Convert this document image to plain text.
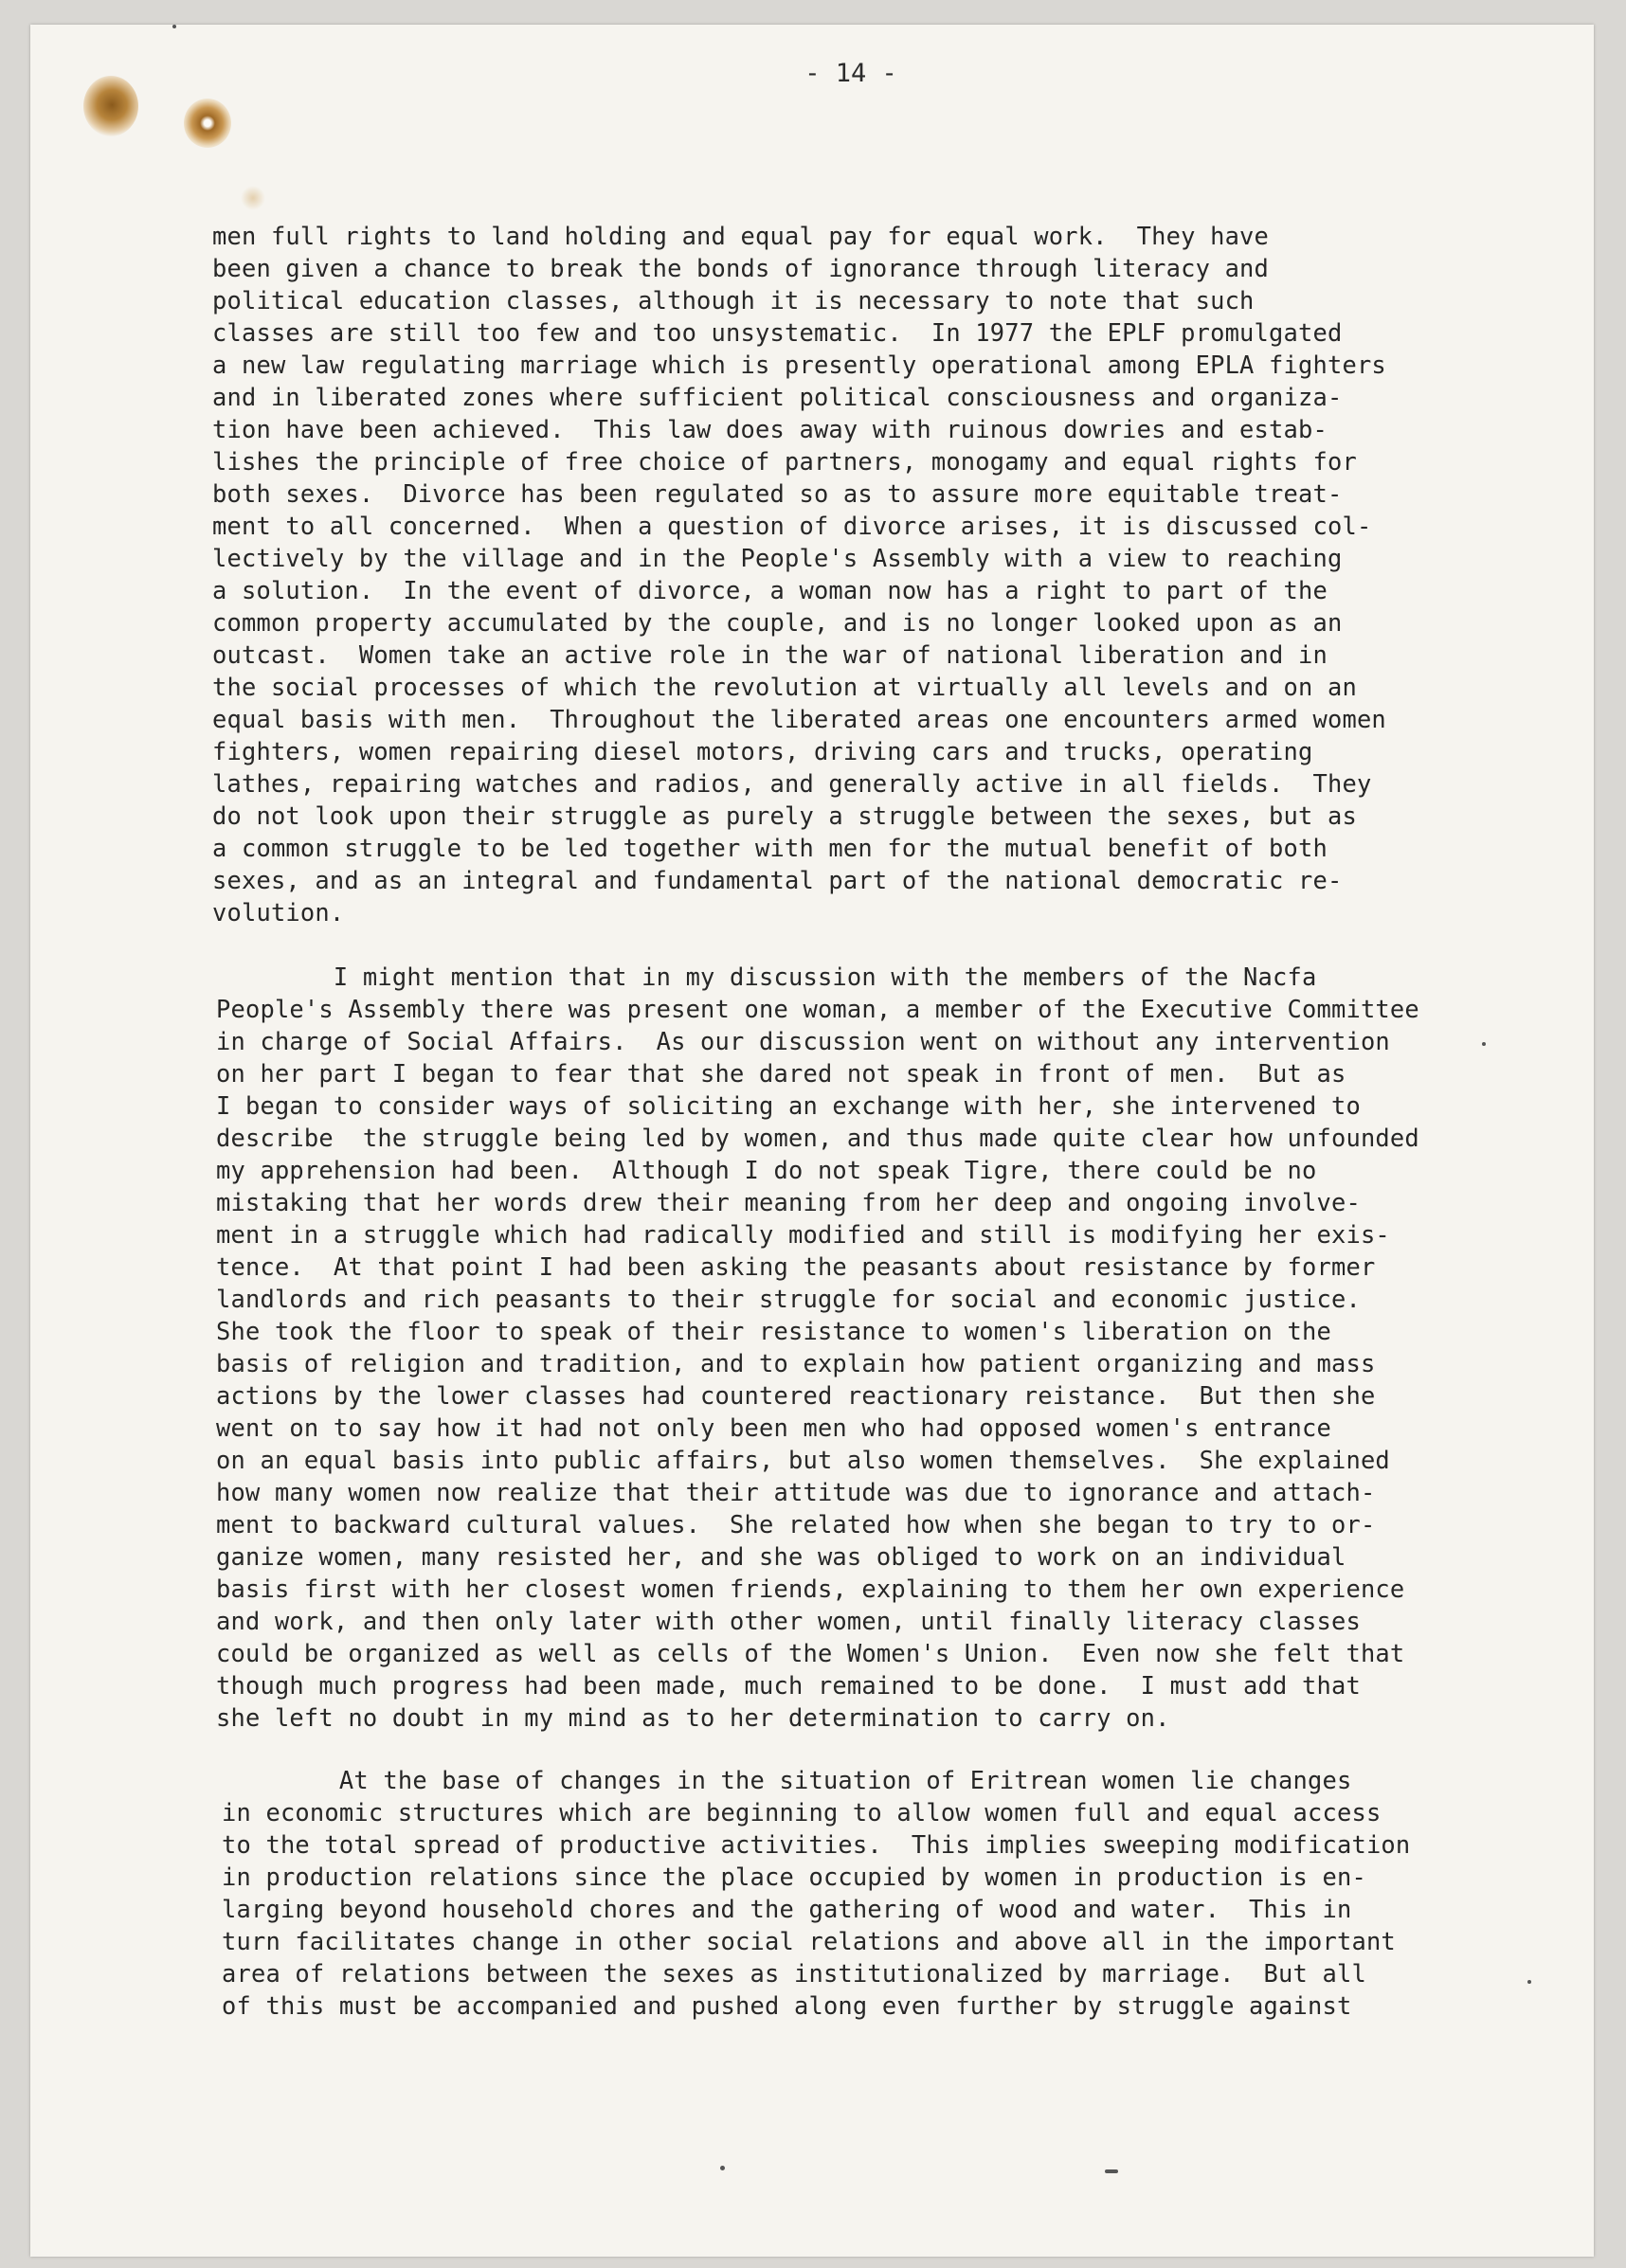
- 14 -
men full rights to land holding and equal pay for equal work.  They have
been given a chance to break the bonds of ignorance through literacy and
political education classes, although it is necessary to note that such
classes are still too few and too unsystematic.  In 1977 the EPLF promulgated
a new law regulating marriage which is presently operational among EPLA fighters
and in liberated zones where sufficient political consciousness and organiza-
tion have been achieved.  This law does away with ruinous dowries and estab-
lishes the principle of free choice of partners, monogamy and equal rights for
both sexes.  Divorce has been regulated so as to assure more equitable treat-
ment to all concerned.  When a question of divorce arises, it is discussed col-
lectively by the village and in the People's Assembly with a view to reaching
a solution.  In the event of divorce, a woman now has a right to part of the
common property accumulated by the couple, and is no longer looked upon as an
outcast.  Women take an active role in the war of national liberation and in
the social processes of which the revolution at virtually all levels and on an
equal basis with men.  Throughout the liberated areas one encounters armed women
fighters, women repairing diesel motors, driving cars and trucks, operating
lathes, repairing watches and radios, and generally active in all fields.  They
do not look upon their struggle as purely a struggle between the sexes, but as
a common struggle to be led together with men for the mutual benefit of both
sexes, and as an integral and fundamental part of the national democratic re-
volution.
I might mention that in my discussion with the members of the Nacfa
People's Assembly there was present one woman, a member of the Executive Committee
in charge of Social Affairs.  As our discussion went on without any intervention
on her part I began to fear that she dared not speak in front of men.  But as
I began to consider ways of soliciting an exchange with her, she intervened to
describe  the struggle being led by women, and thus made quite clear how unfounded
my apprehension had been.  Although I do not speak Tigre, there could be no
mistaking that her words drew their meaning from her deep and ongoing involve-
ment in a struggle which had radically modified and still is modifying her exis-
tence.  At that point I had been asking the peasants about resistance by former
landlords and rich peasants to their struggle for social and economic justice.
She took the floor to speak of their resistance to women's liberation on the
basis of religion and tradition, and to explain how patient organizing and mass
actions by the lower classes had countered reactionary reistance.  But then she
went on to say how it had not only been men who had opposed women's entrance
on an equal basis into public affairs, but also women themselves.  She explained
how many women now realize that their attitude was due to ignorance and attach-
ment to backward cultural values.  She related how when she began to try to or-
ganize women, many resisted her, and she was obliged to work on an individual
basis first with her closest women friends, explaining to them her own experience
and work, and then only later with other women, until finally literacy classes
could be organized as well as cells of the Women's Union.  Even now she felt that
though much progress had been made, much remained to be done.  I must add that
she left no doubt in my mind as to her determination to carry on.
At the base of changes in the situation of Eritrean women lie changes
in economic structures which are beginning to allow women full and equal access
to the total spread of productive activities.  This implies sweeping modification
in production relations since the place occupied by women in production is en-
larging beyond household chores and the gathering of wood and water.  This in
turn facilitates change in other social relations and above all in the important
area of relations between the sexes as institutionalized by marriage.  But all
of this must be accompanied and pushed along even further by struggle against
